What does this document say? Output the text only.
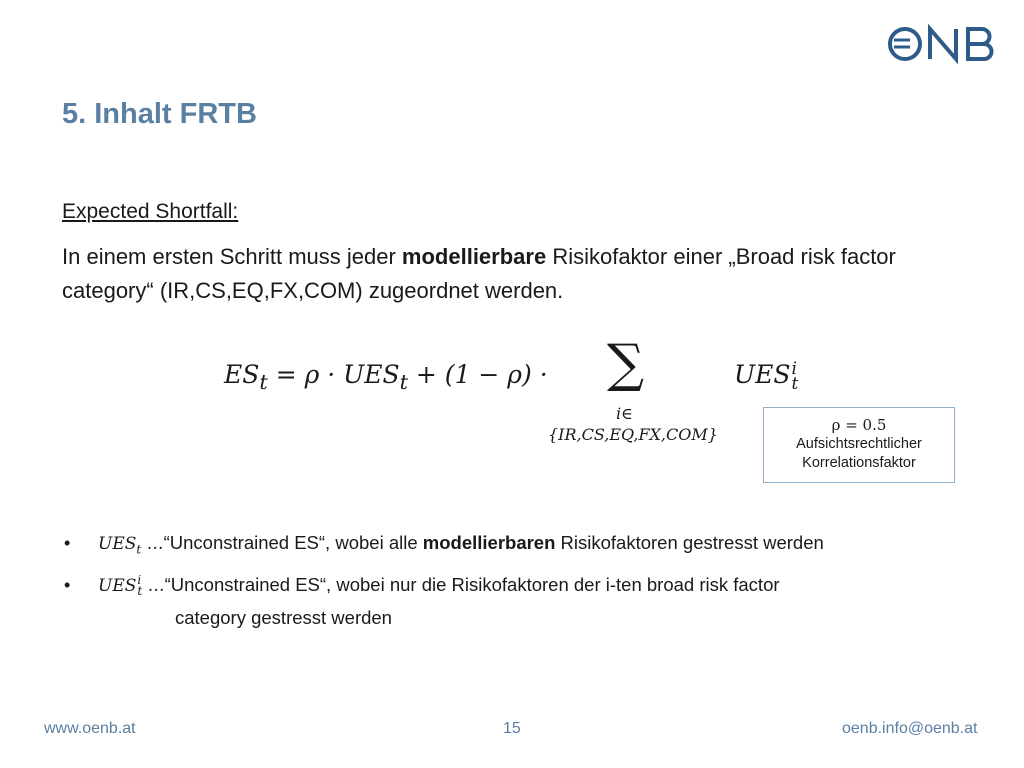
5. Inhalt FRTB
Expected Shortfall:
In einem ersten Schritt muss jeder modellierbare Risikofaktor einer „Broad risk factor category“ (IR,CS,EQ,FX,COM) zugeordnet werden.
$ES_t = \rho \cdot UES_t + (1 - \rho)$ · ∑
i∈
{IR,CS,EQ,FX,COM}
UES i
t
ρ = 0.5
Aufsichtsrechtlicher
Korrelationsfaktor
• $UES_t$ …“Unconstrained ES“, wobei alle modellierbaren Risikofaktoren gestresst werden
• UES i
t …“Unconstrained ES“, wobei nur die Risikofaktoren der i-ten broad risk factor
category gestresst werden
www.oenb.at	15	oenb.info@oenb.at
